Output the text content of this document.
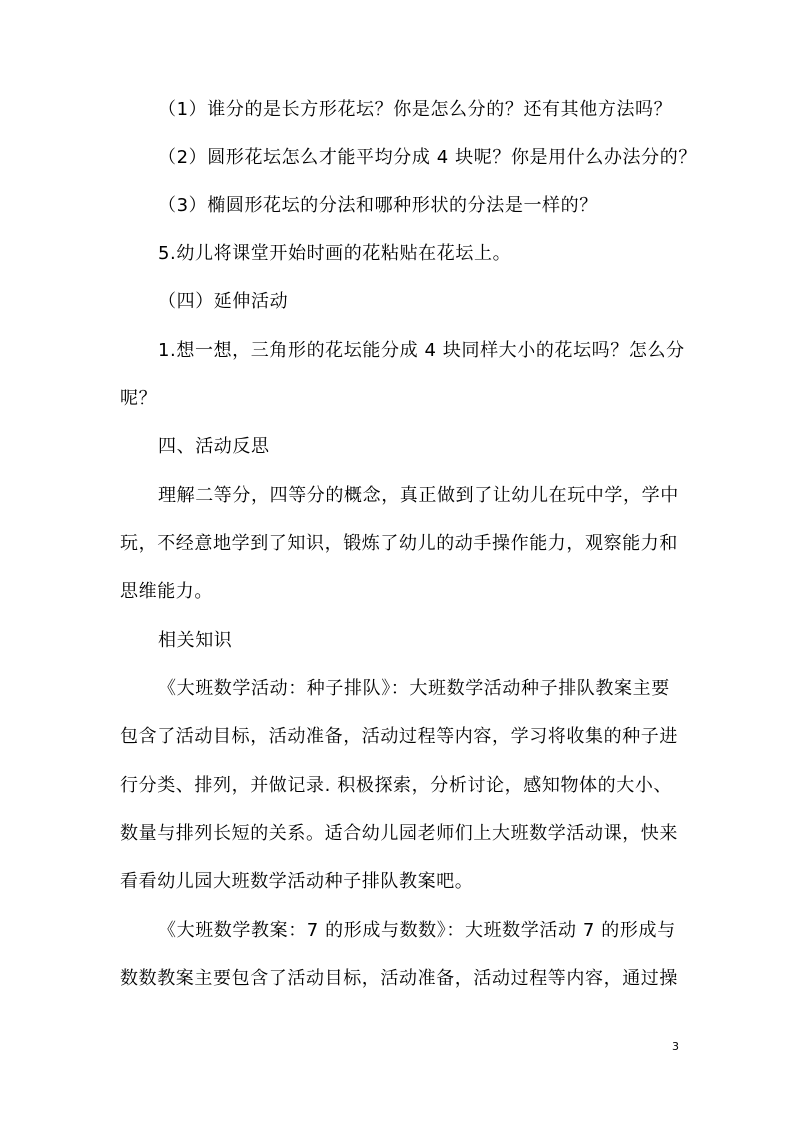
（1）谁分的是长方形花坛？你是怎么分的？还有其他方法吗？
（2）圆形花坛怎么才能平均分成 4 块呢？你是用什么办法分的？
（3）椭圆形花坛的分法和哪种形状的分法是一样的？
5.幼儿将课堂开始时画的花粘贴在花坛上。
（四）延伸活动
1.想一想，三角形的花坛能分成 4 块同样大小的花坛吗？怎么分
呢？
四、活动反思
理解二等分，四等分的概念，真正做到了让幼儿在玩中学，学中
玩，不经意地学到了知识，锻炼了幼儿的动手操作能力，观察能力和
思维能力。
相关知识
《大班数学活动：种子排队》：大班数学活动种子排队教案主要
包含了活动目标，活动准备，活动过程等内容，学习将收集的种子进
行分类、排列，并做记录. 积极探索，分析讨论，感知物体的大小、
数量与排列长短的关系。适合幼儿园老师们上大班数学活动课，快来
看看幼儿园大班数学活动种子排队教案吧。
《大班数学教案：7 的形成与数数》：大班数学活动 7 的形成与
数数教案主要包含了活动目标，活动准备，活动过程等内容，通过操
3
